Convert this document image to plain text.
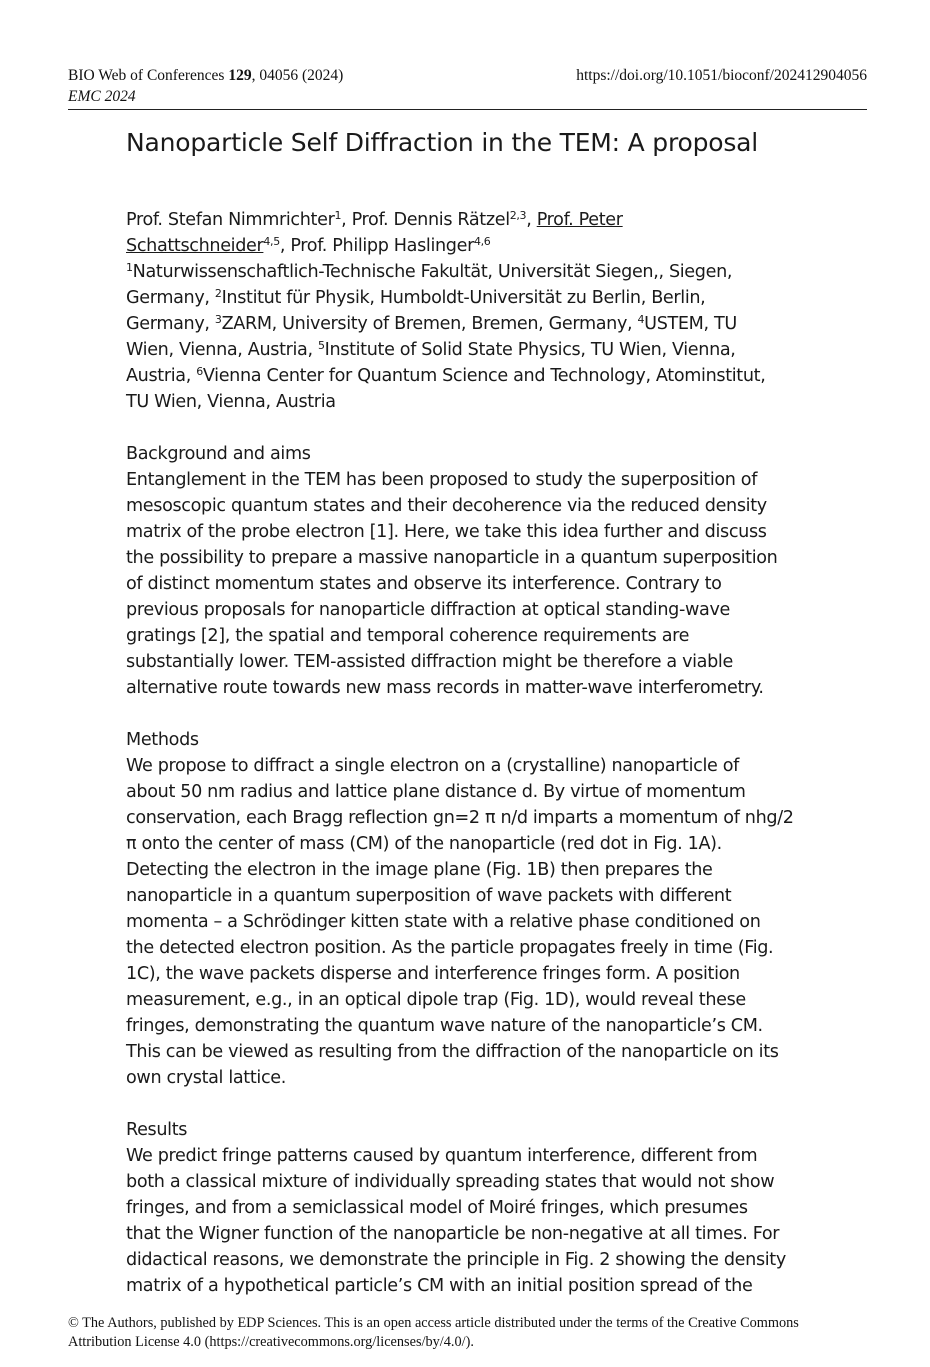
BIO Web of Conferences 129, 04056 (2024)
EMC 2024
https://doi.org/10.1051/bioconf/202412904056
Nanoparticle Self Diffraction in the TEM: A proposal
Prof. Stefan Nimmrichter$^1$, Prof. Dennis Rätzel$^{2,3}$, Prof. Peter
Schattschneider$^{4,5}$, Prof. Philipp Haslinger$^{4,6}$
$^1$Naturwissenschaftlich-Technische Fakultät, Universität Siegen,, Siegen,
Germany, $^2$Institut für Physik, Humboldt-Universität zu Berlin, Berlin,
Germany, $^3$ZARM, University of Bremen, Bremen, Germany, $^4$USTEM, TU
Wien, Vienna, Austria, $^5$Institute of Solid State Physics, TU Wien, Vienna,
Austria, $^6$Vienna Center for Quantum Science and Technology, Atominstitut,
TU Wien, Vienna, Austria
Background and aims
Entanglement in the TEM has been proposed to study the superposition of
mesoscopic quantum states and their decoherence via the reduced density
matrix of the probe electron [1]. Here, we take this idea further and discuss
the possibility to prepare a massive nanoparticle in a quantum superposition
of distinct momentum states and observe its interference. Contrary to
previous proposals for nanoparticle diffraction at optical standing-wave
gratings [2], the spatial and temporal coherence requirements are
substantially lower. TEM-assisted diffraction might be therefore a viable
alternative route towards new mass records in matter-wave interferometry.
Methods
We propose to diffract a single electron on a (crystalline) nanoparticle of
about 50 nm radius and lattice plane distance d. By virtue of momentum
conservation, each Bragg reflection gn=2 π n/d imparts a momentum of nhg/2
π onto the center of mass (CM) of the nanoparticle (red dot in Fig. 1A).
Detecting the electron in the image plane (Fig. 1B) then prepares the
nanoparticle in a quantum superposition of wave packets with different
momenta – a Schrödinger kitten state with a relative phase conditioned on
the detected electron position. As the particle propagates freely in time (Fig.
1C), the wave packets disperse and interference fringes form. A position
measurement, e.g., in an optical dipole trap (Fig. 1D), would reveal these
fringes, demonstrating the quantum wave nature of the nanoparticle’s CM.
This can be viewed as resulting from the diffraction of the nanoparticle on its
own crystal lattice.
Results
We predict fringe patterns caused by quantum interference, different from
both a classical mixture of individually spreading states that would not show
fringes, and from a semiclassical model of Moiré fringes, which presumes
that the Wigner function of the nanoparticle be non-negative at all times. For
didactical reasons, we demonstrate the principle in Fig. 2 showing the density
matrix of a hypothetical particle’s CM with an initial position spread of the
© The Authors, published by EDP Sciences. This is an open access article distributed under the terms of the Creative Commons
Attribution License 4.0 (https://creativecommons.org/licenses/by/4.0/).
